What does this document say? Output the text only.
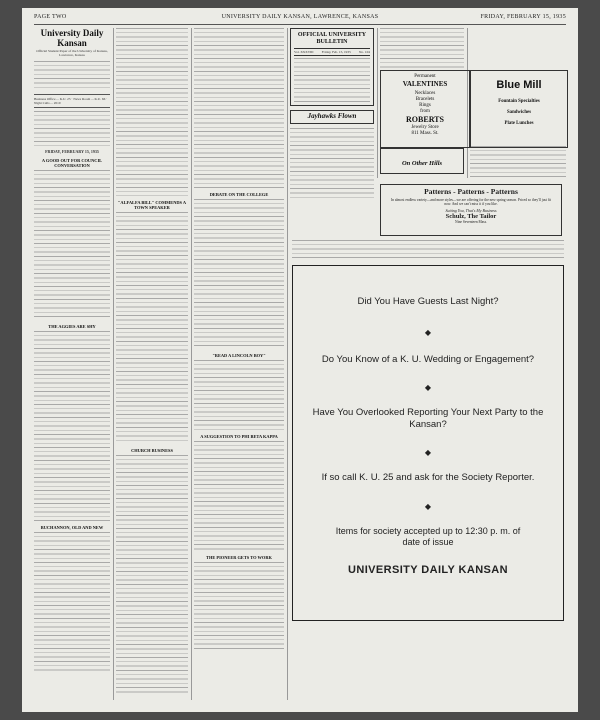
PAGE TWO	UNIVERSITY DAILY KANSAN, LAWRENCE, KANSAS	FRIDAY, FEBRUARY 15, 1935
University Daily Kansan
Official Student Paper of the University of Kansas, Lawrence, Kansas
Business Office ... K.U. 25 · News Room ... K.U. 66 · Night Calls ... 2010
FRIDAY, FEBRUARY 15, 1935
A GOOD OUT FOR COUNCIL CONVERSATION
THE AGGIES ARE SHY
BUCHANNON, OLD AND NEW
"ALFALFA BILL" COMMENDS A TOWN SPEAKER
CHURCH BUSINESS
DEBATE ON THE COLLEGE
"READ A LINCOLN BOY"
A SUGGESTION TO PHI BETA KAPPA
THE PIONEER GETS TO WORK
OFFICIAL UNIVERSITY BULLETIN
Vol. XXXVIII Friday, Feb. 15, 1935 No. 104
Jayhawks Flown
On Other Hills
Permanent
VALENTINES
Necklaces
Bracelets
Rings
from
ROBERTS
Jewelry Store
811 Mass. St.
Blue Mill
Fountain Specialties
Sandwiches
Plate Lunches
Patterns - Patterns - Patterns
In almost endless variety—and more styles—we are offering for the new spring season. Priced so they'll just fit now. And we can't miss it if you like.
Suiting You, That's My Business
Schulz, The Tailor
Nine Seventeen Mass.
Did You Have Guests Last Night?
◆
Do You Know of a K. U. Wedding or Engagement?
◆
Have You Overlooked Reporting Your Next Party to the Kansan?
◆
If so call K. U. 25 and ask for the Society Reporter.
◆
Items for society accepted up to 12:30 p. m. of date of issue
UNIVERSITY DAILY KANSAN
